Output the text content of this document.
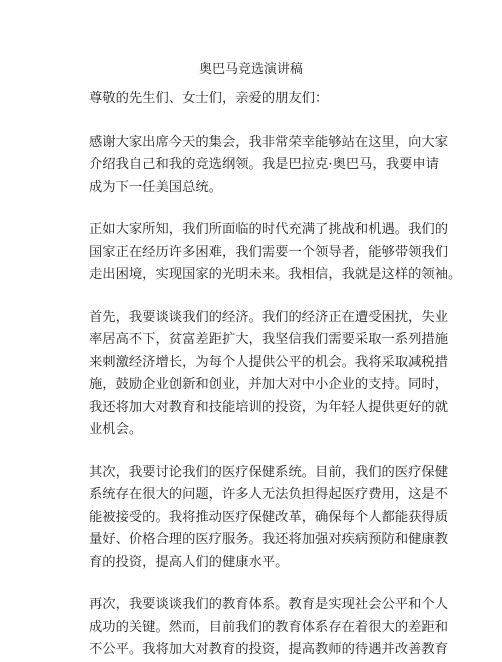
奥巴马竞选演讲稿
尊敬的先生们、女士们，亲爱的朋友们：
感谢大家出席今天的集会，我非常荣幸能够站在这里，向大家
介绍我自己和我的竞选纲领。我是巴拉克·奥巴马，我要申请
成为下一任美国总统。
正如大家所知，我们所面临的时代充满了挑战和机遇。我们的
国家正在经历许多困难，我们需要一个领导者，能够带领我们
走出困境，实现国家的光明未来。我相信，我就是这样的领袖。
首先，我要谈谈我们的经济。我们的经济正在遭受困扰，失业
率居高不下，贫富差距扩大，我坚信我们需要采取一系列措施
来刺激经济增长，为每个人提供公平的机会。我将采取减税措
施，鼓励企业创新和创业，并加大对中小企业的支持。同时，
我还将加大对教育和技能培训的投资，为年轻人提供更好的就
业机会。
其次，我要讨论我们的医疗保健系统。目前，我们的医疗保健
系统存在很大的问题，许多人无法负担得起医疗费用，这是不
能被接受的。我将推动医疗保健改革，确保每个人都能获得质
量好、价格合理的医疗服务。我还将加强对疾病预防和健康教
育的投资，提高人们的健康水平。
再次，我要谈谈我们的教育体系。教育是实现社会公平和个人
成功的关键。然而，目前我们的教育体系存在着很大的差距和
不公平。我将加大对教育的投资，提高教师的待遇并改善教育
